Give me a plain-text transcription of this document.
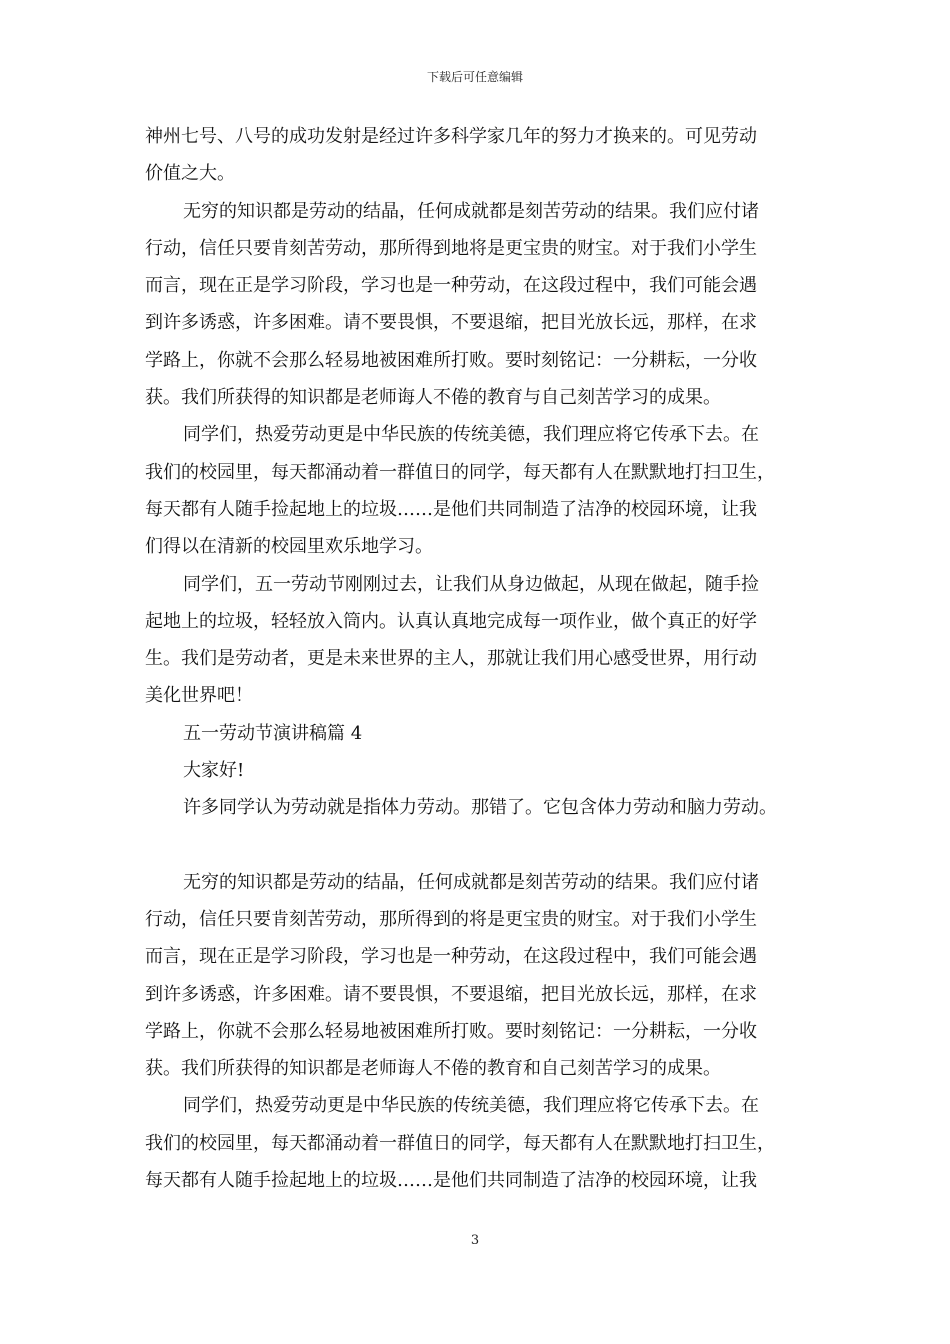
下载后可任意编辑

神州七号、八号的成功发射是经过许多科学家几年的努力才换来的。可见劳动
价值之大。

无穷的知识都是劳动的结晶，任何成就都是刻苦劳动的结果。我们应付诸
行动，信任只要肯刻苦劳动，那所得到地将是更宝贵的财宝。对于我们小学生
而言，现在正是学习阶段，学习也是一种劳动，在这段过程中，我们可能会遇
到许多诱惑，许多困难。请不要畏惧，不要退缩，把目光放长远，那样，在求
学路上，你就不会那么轻易地被困难所打败。要时刻铭记：一分耕耘，一分收
获。我们所获得的知识都是老师诲人不倦的教育与自己刻苦学习的成果。

同学们，热爱劳动更是中华民族的传统美德，我们理应将它传承下去。在
我们的校园里，每天都涌动着一群值日的同学，每天都有人在默默地打扫卫生，
每天都有人随手捡起地上的垃圾……是他们共同制造了洁净的校园环境，让我
们得以在清新的校园里欢乐地学习。

同学们，五一劳动节刚刚过去，让我们从身边做起，从现在做起，随手捡
起地上的垃圾，轻轻放入筒内。认真认真地完成每一项作业，做个真正的好学
生。我们是劳动者，更是未来世界的主人，那就让我们用心感受世界，用行动
美化世界吧！

五一劳动节演讲稿篇 4

大家好!

许多同学认为劳动就是指体力劳动。那错了。它包含体力劳动和脑力劳动。

无穷的知识都是劳动的结晶，任何成就都是刻苦劳动的结果。我们应付诸
行动，信任只要肯刻苦劳动，那所得到的将是更宝贵的财宝。对于我们小学生
而言，现在正是学习阶段，学习也是一种劳动，在这段过程中，我们可能会遇
到许多诱惑，许多困难。请不要畏惧，不要退缩，把目光放长远，那样，在求
学路上，你就不会那么轻易地被困难所打败。要时刻铭记：一分耕耘，一分收
获。我们所获得的知识都是老师诲人不倦的教育和自己刻苦学习的成果。

同学们，热爱劳动更是中华民族的传统美德，我们理应将它传承下去。在
我们的校园里，每天都涌动着一群值日的同学，每天都有人在默默地打扫卫生，
每天都有人随手捡起地上的垃圾……是他们共同制造了洁净的校园环境，让我

3
